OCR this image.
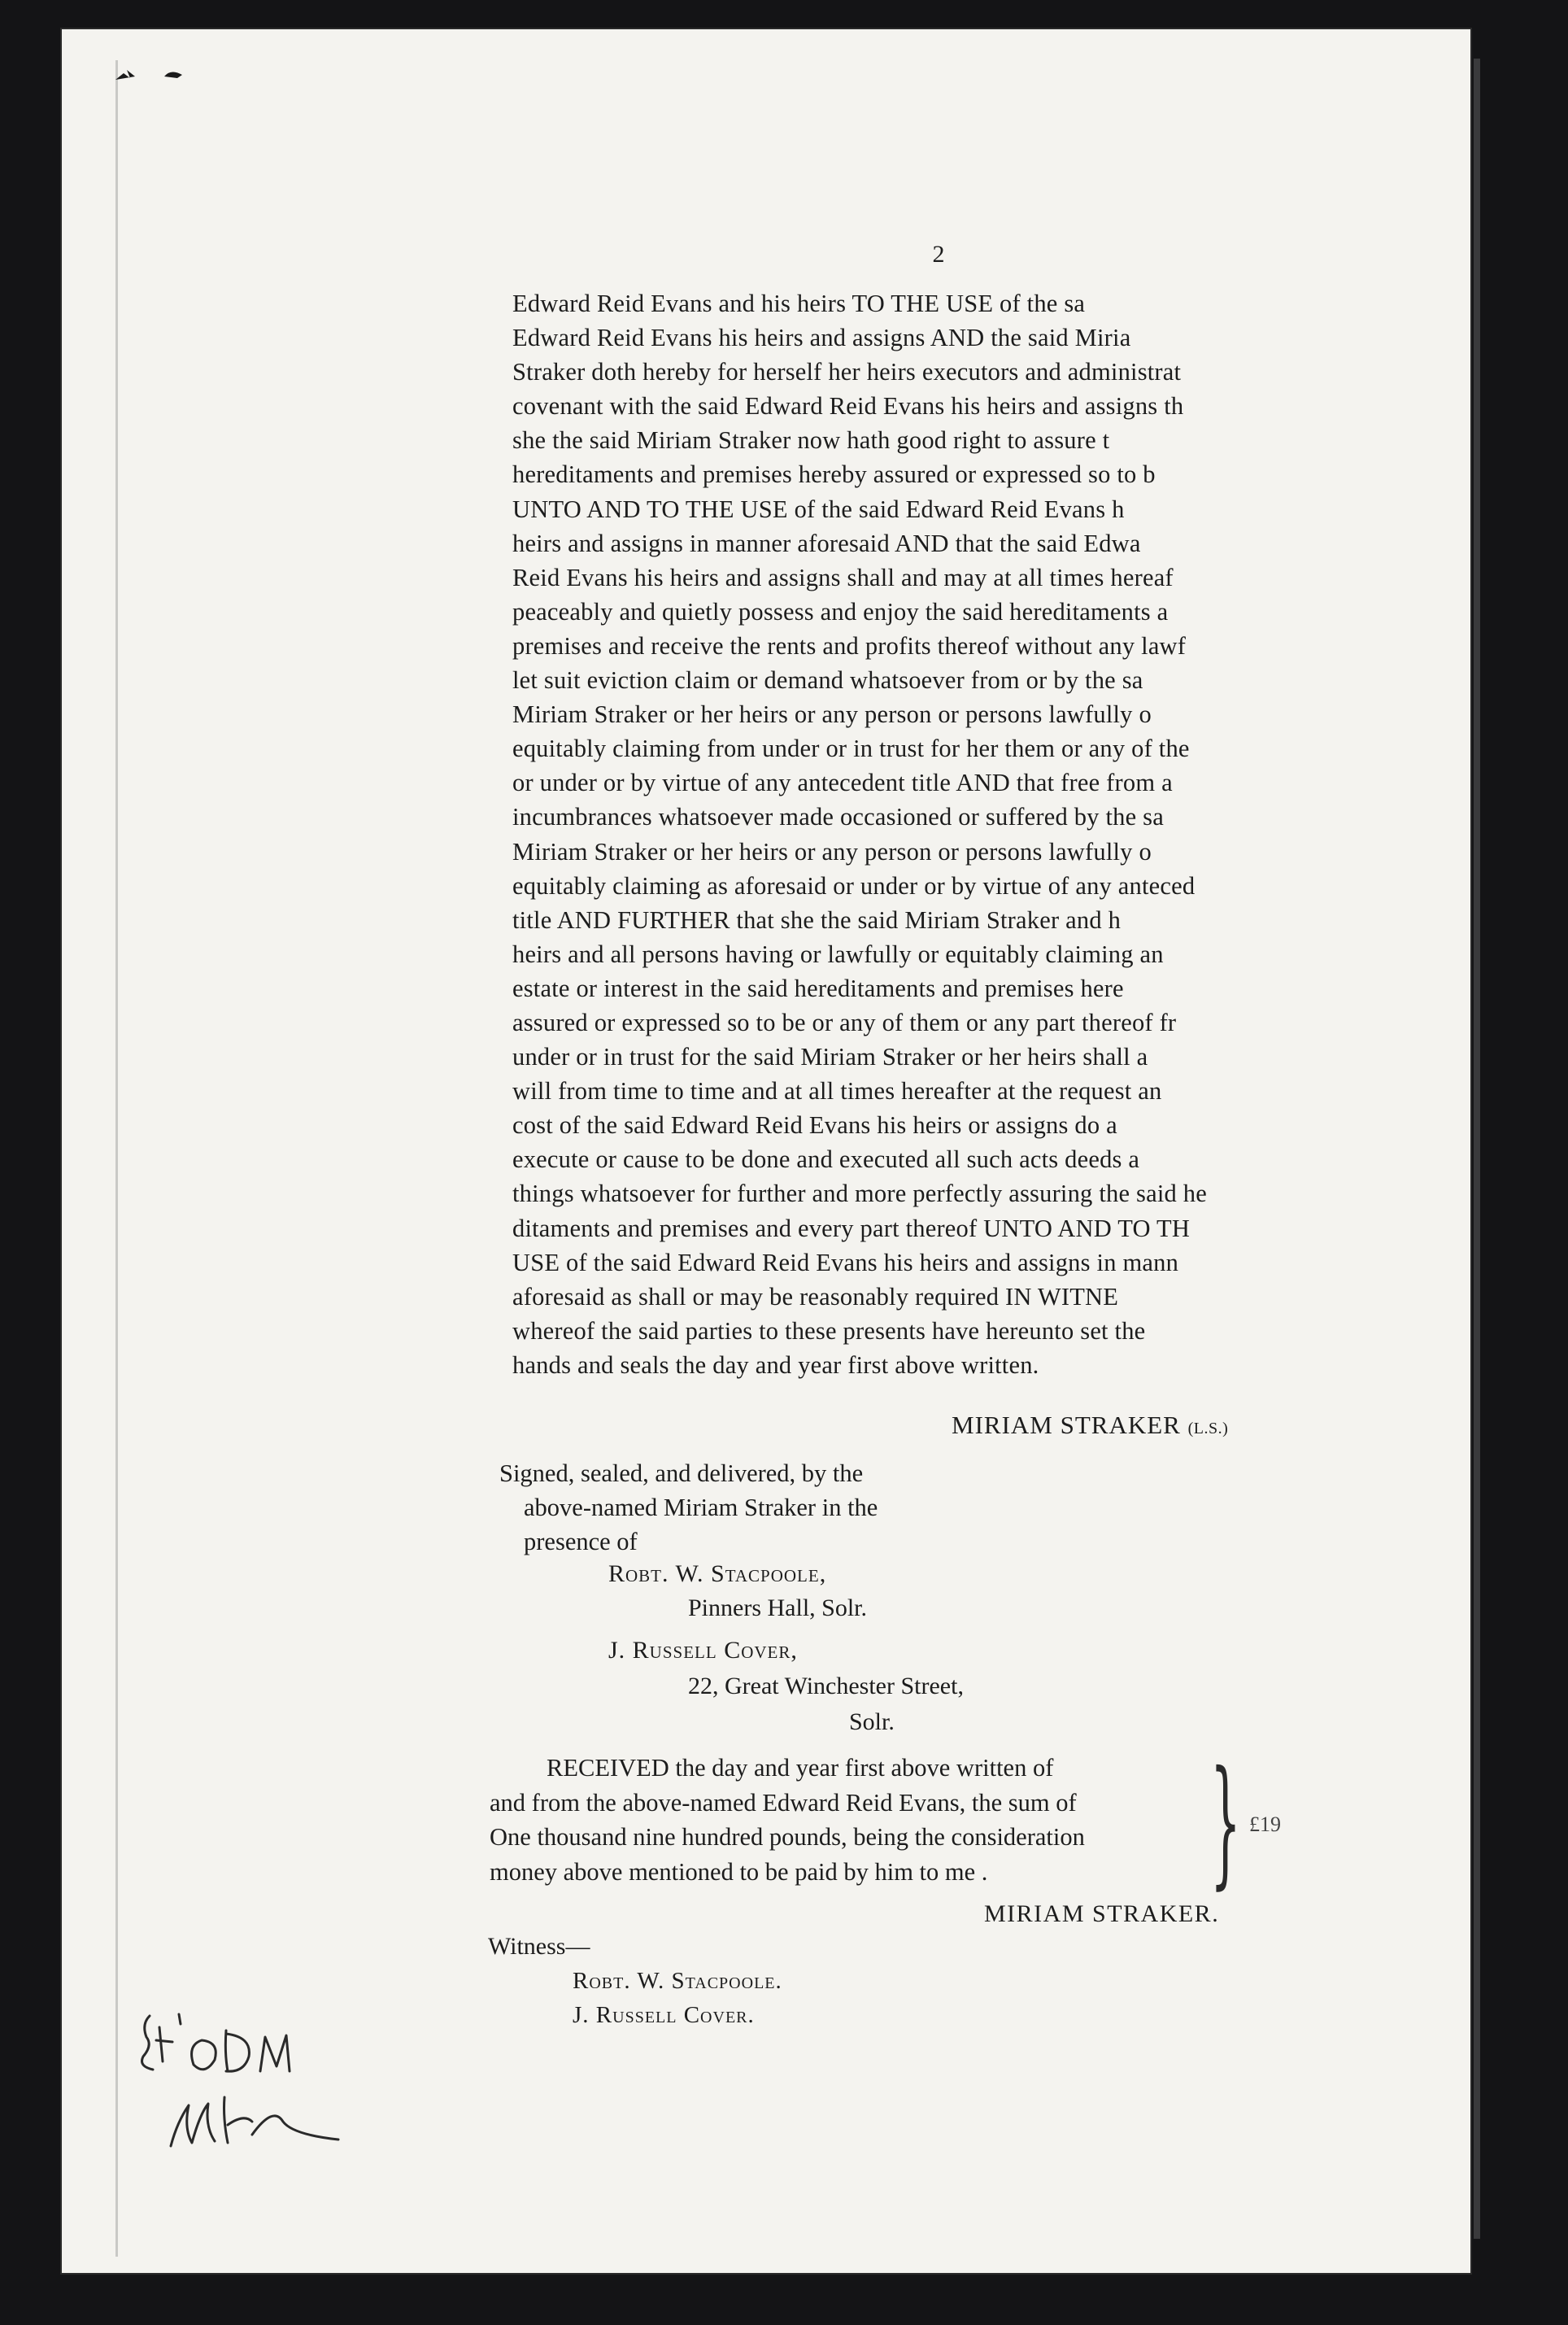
2
Edward Reid Evans and his heirs TO THE USE of the sa
Edward Reid Evans his heirs and assigns AND the said Miria
Straker doth hereby for herself her heirs executors and administrat
covenant with the said Edward Reid Evans his heirs and assigns th
she the said Miriam Straker now hath good right to assure t
hereditaments and premises hereby assured or expressed so to b
UNTO AND TO THE USE of the said Edward Reid Evans h
heirs and assigns in manner aforesaid AND that the said Edwa
Reid Evans his heirs and assigns shall and may at all times hereaf
peaceably and quietly possess and enjoy the said hereditaments a
premises and receive the rents and profits thereof without any lawf
let suit eviction claim or demand whatsoever from or by the sa
Miriam Straker or her heirs or any person or persons lawfully o
equitably claiming from under or in trust for her them or any of the
or under or by virtue of any antecedent title AND that free from a
incumbrances whatsoever made occasioned or suffered by the sa
Miriam Straker or her heirs or any person or persons lawfully o
equitably claiming as aforesaid or under or by virtue of any anteced
title AND FURTHER that she the said Miriam Straker and h
heirs and all persons having or lawfully or equitably claiming an
estate or interest in the said hereditaments and premises here
assured or expressed so to be or any of them or any part thereof fr
under or in trust for the said Miriam Straker or her heirs shall a
will from time to time and at all times hereafter at the request an
cost of the said Edward Reid Evans his heirs or assigns do a
execute or cause to be done and executed all such acts deeds a
things whatsoever for further and more perfectly assuring the said he
ditaments and premises and every part thereof UNTO AND TO TH
USE of the said Edward Reid Evans his heirs and assigns in mann
aforesaid as shall or may be reasonably required IN WITNE
whereof the said parties to these presents have hereunto set the
hands and seals the day and year first above written.
MIRIAM STRAKER (L.S.)
Signed, sealed, and delivered, by the
above-named Miriam Straker in the
presence of
Robt. W. Stacpoole,
Pinners Hall, Solr.
J. Russell Cover,
22, Great Winchester Street,
Solr.
RECEIVED the day and year first above written of
and from the above-named Edward Reid Evans, the sum of
One thousand nine hundred pounds, being the consideration
money above mentioned to be paid by him to me .	} £19
MIRIAM STRAKER.
Witness—
Robt. W. Stacpoole.
J. Russell Cover.
